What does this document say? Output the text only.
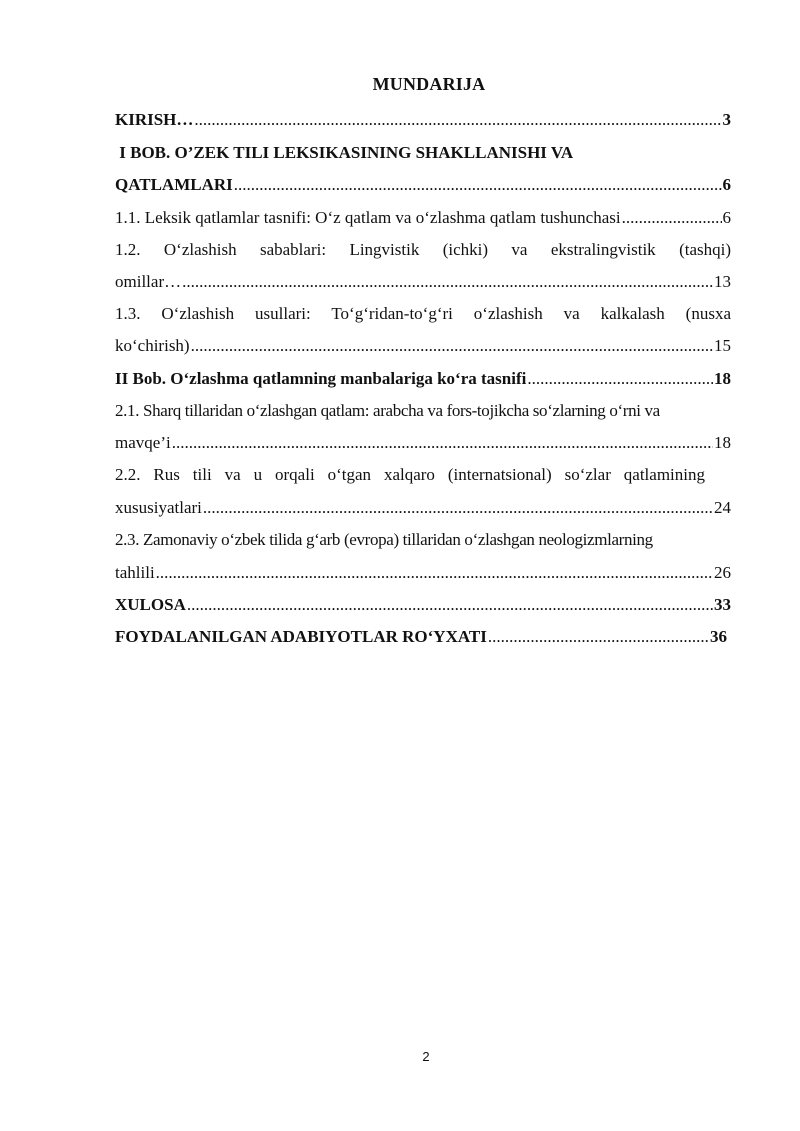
MUNDARIJA
KIRISH… .....	3
I BOB. O’ZEK TILI LEKSIKASINING SHAKLLANISHI VA
QATLAMLARI .....	6
1.1. Leksik qatlamlar tasnifi: O‘z qatlam va o‘zlashma qatlam tushunchasi .....	6
1.2. O‘zlashish sabablari: Lingvistik (ichki) va ekstralingvistik (tashqi)
omillar… .....	13
1.3. O‘zlashish usullari: To‘g‘ridan-to‘g‘ri o‘zlashish va kalkalash (nusxa
ko‘chirish) .....	15
II Bob. O‘zlashma qatlamning manbalariga ko‘ra tasnifi .....	18
2.1. Sharq tillaridan o‘zlashgan qatlam: arabcha va fors-tojikcha so‘zlarning o‘rni va
mavqe’i .....	18
2.2. Rus tili va u orqali o‘tgan xalqaro (internatsional) so‘zlar qatlamining
xususiyatlari .....	24
2.3. Zamonaviy o‘zbek tilida g‘arb (evropa) tillaridan o‘zlashgan neologizmlarning
tahlili .....	26
XULOSA .....	33
FOYDALANILGAN ADABIYOTLAR RO‘YXATI .....	36
2
